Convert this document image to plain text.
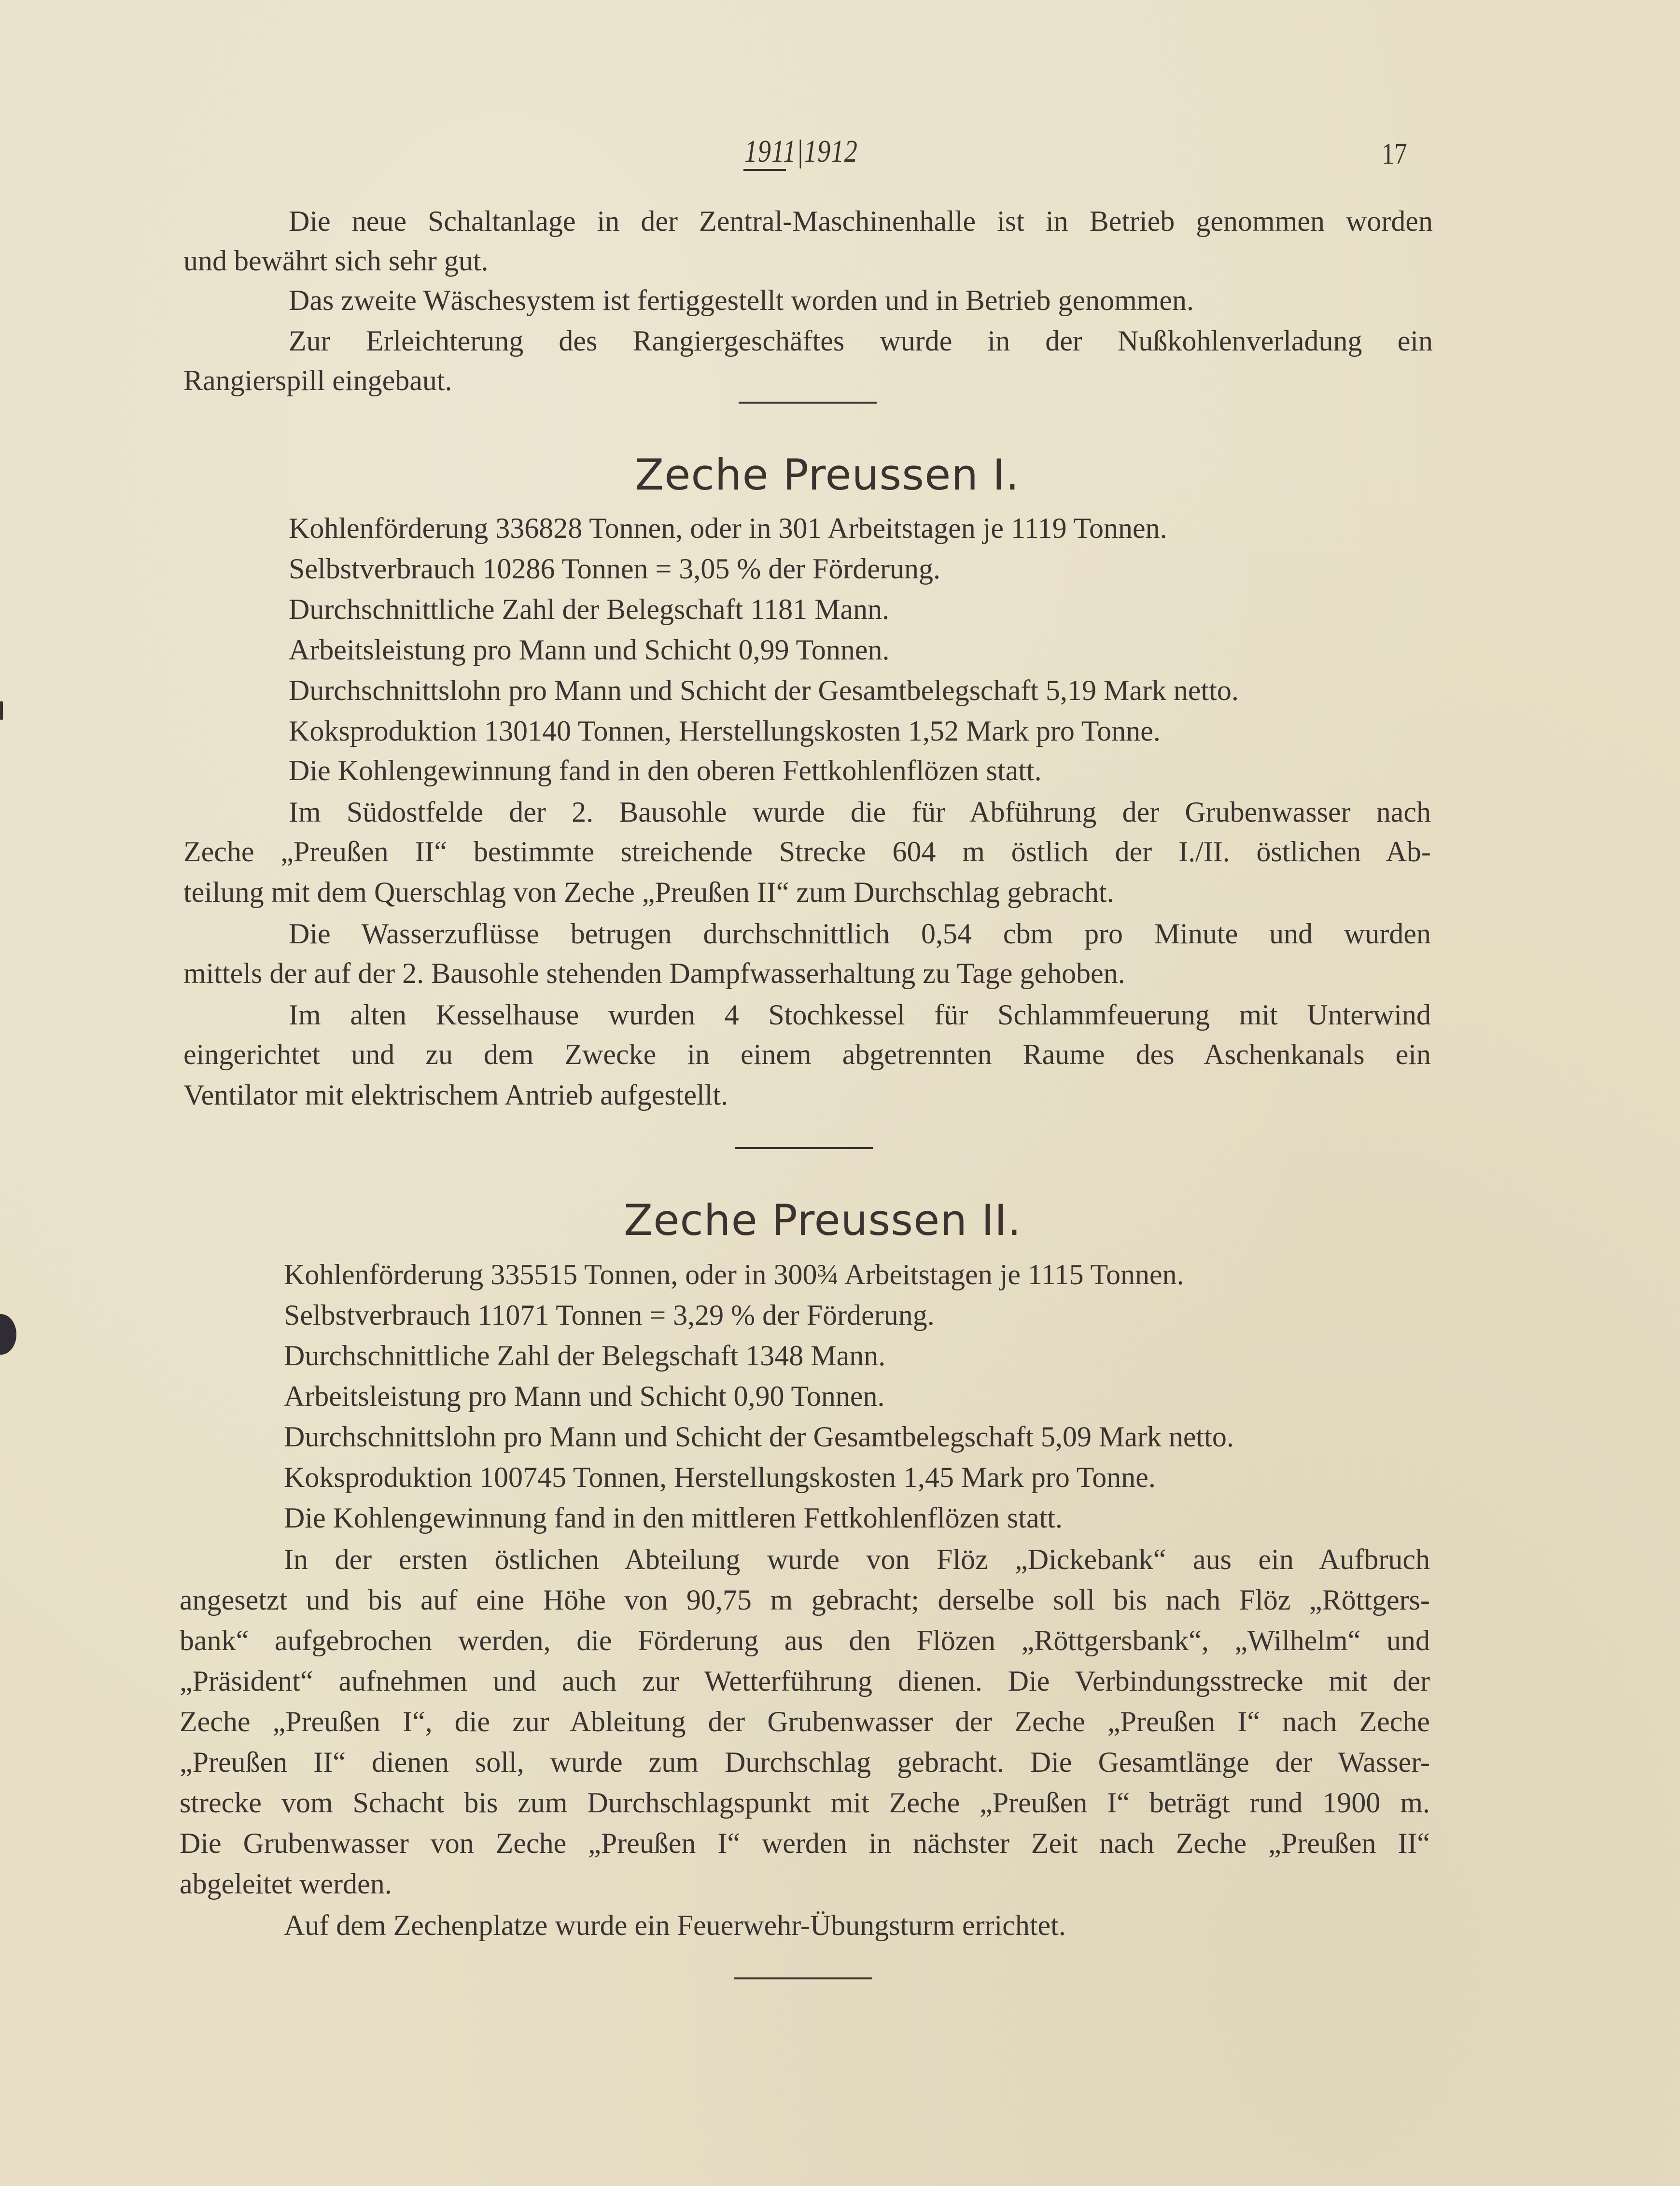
1911|1912	17
Die neue Schaltanlage in der Zentral-Maschinenhalle ist in Betrieb genommen worden
und bewährt sich sehr gut.
Das zweite Wäschesystem ist fertiggestellt worden und in Betrieb genommen.
Zur Erleichterung des Rangiergeschäftes wurde in der Nußkohlenverladung ein
Rangierspill eingebaut.
Zeche Preussen I.
Kohlenförderung 336828 Tonnen, oder in 301 Arbeitstagen je 1119 Tonnen.
Selbstverbrauch 10286 Tonnen = 3,05 % der Förderung.
Durchschnittliche Zahl der Belegschaft 1181 Mann.
Arbeitsleistung pro Mann und Schicht 0,99 Tonnen.
Durchschnittslohn pro Mann und Schicht der Gesamtbelegschaft 5,19 Mark netto.
Koksproduktion 130140 Tonnen, Herstellungskosten 1,52 Mark pro Tonne.
Die Kohlengewinnung fand in den oberen Fettkohlenflözen statt.
Im Südostfelde der 2. Bausohle wurde die für Abführung der Grubenwasser nach
Zeche „Preußen II“ bestimmte streichende Strecke 604 m östlich der I./II. östlichen Ab-
teilung mit dem Querschlag von Zeche „Preußen II“ zum Durchschlag gebracht.
Die Wasserzuflüsse betrugen durchschnittlich 0,54 cbm pro Minute und wurden
mittels der auf der 2. Bausohle stehenden Dampfwasserhaltung zu Tage gehoben.
Im alten Kesselhause wurden 4 Stochkessel für Schlammfeuerung mit Unterwind
eingerichtet und zu dem Zwecke in einem abgetrennten Raume des Aschenkanals ein
Ventilator mit elektrischem Antrieb aufgestellt.
Zeche Preussen II.
Kohlenförderung 335515 Tonnen, oder in 300¾ Arbeitstagen je 1115 Tonnen.
Selbstverbrauch 11071 Tonnen = 3,29 % der Förderung.
Durchschnittliche Zahl der Belegschaft 1348 Mann.
Arbeitsleistung pro Mann und Schicht 0,90 Tonnen.
Durchschnittslohn pro Mann und Schicht der Gesamtbelegschaft 5,09 Mark netto.
Koksproduktion 100745 Tonnen, Herstellungskosten 1,45 Mark pro Tonne.
Die Kohlengewinnung fand in den mittleren Fettkohlenflözen statt.
In der ersten östlichen Abteilung wurde von Flöz „Dickebank“ aus ein Aufbruch
angesetzt und bis auf eine Höhe von 90,75 m gebracht; derselbe soll bis nach Flöz „Röttgers-
bank“ aufgebrochen werden, die Förderung aus den Flözen „Röttgersbank“, „Wilhelm“ und
„Präsident“ aufnehmen und auch zur Wetterführung dienen. Die Verbindungsstrecke mit der
Zeche „Preußen I“, die zur Ableitung der Grubenwasser der Zeche „Preußen I“ nach Zeche
„Preußen II“ dienen soll, wurde zum Durchschlag gebracht. Die Gesamtlänge der Wasser-
strecke vom Schacht bis zum Durchschlagspunkt mit Zeche „Preußen I“ beträgt rund 1900 m.
Die Grubenwasser von Zeche „Preußen I“ werden in nächster Zeit nach Zeche „Preußen II“
abgeleitet werden.
Auf dem Zechenplatze wurde ein Feuerwehr-Übungsturm errichtet.
